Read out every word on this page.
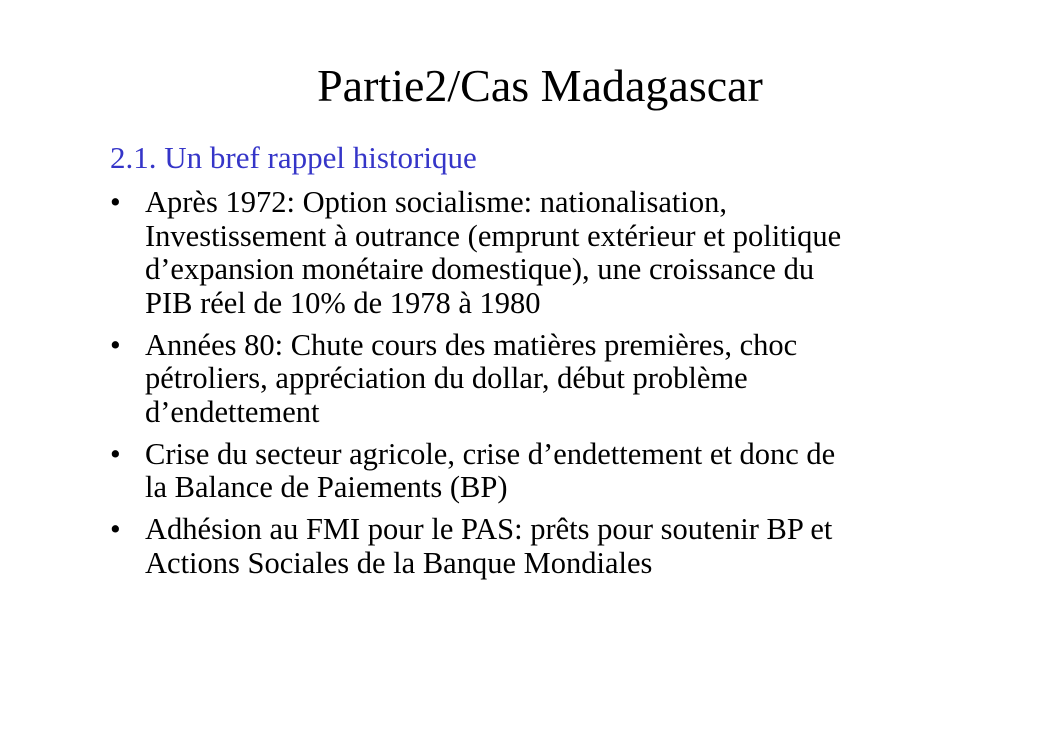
Partie2/Cas Madagascar
2.1. Un bref rappel historique
• Après 1972: Option socialisme: nationalisation,
Investissement à outrance (emprunt extérieur et politique
d’expansion monétaire domestique), une croissance du
PIB réel de 10% de 1978 à 1980
• Années 80: Chute cours des matières premières, choc
pétroliers, appréciation du dollar, début problème
d’endettement
• Crise du secteur agricole, crise d’endettement et donc de
la Balance de Paiements (BP)
• Adhésion au FMI pour le PAS: prêts pour soutenir BP et
Actions Sociales de la Banque Mondiales
